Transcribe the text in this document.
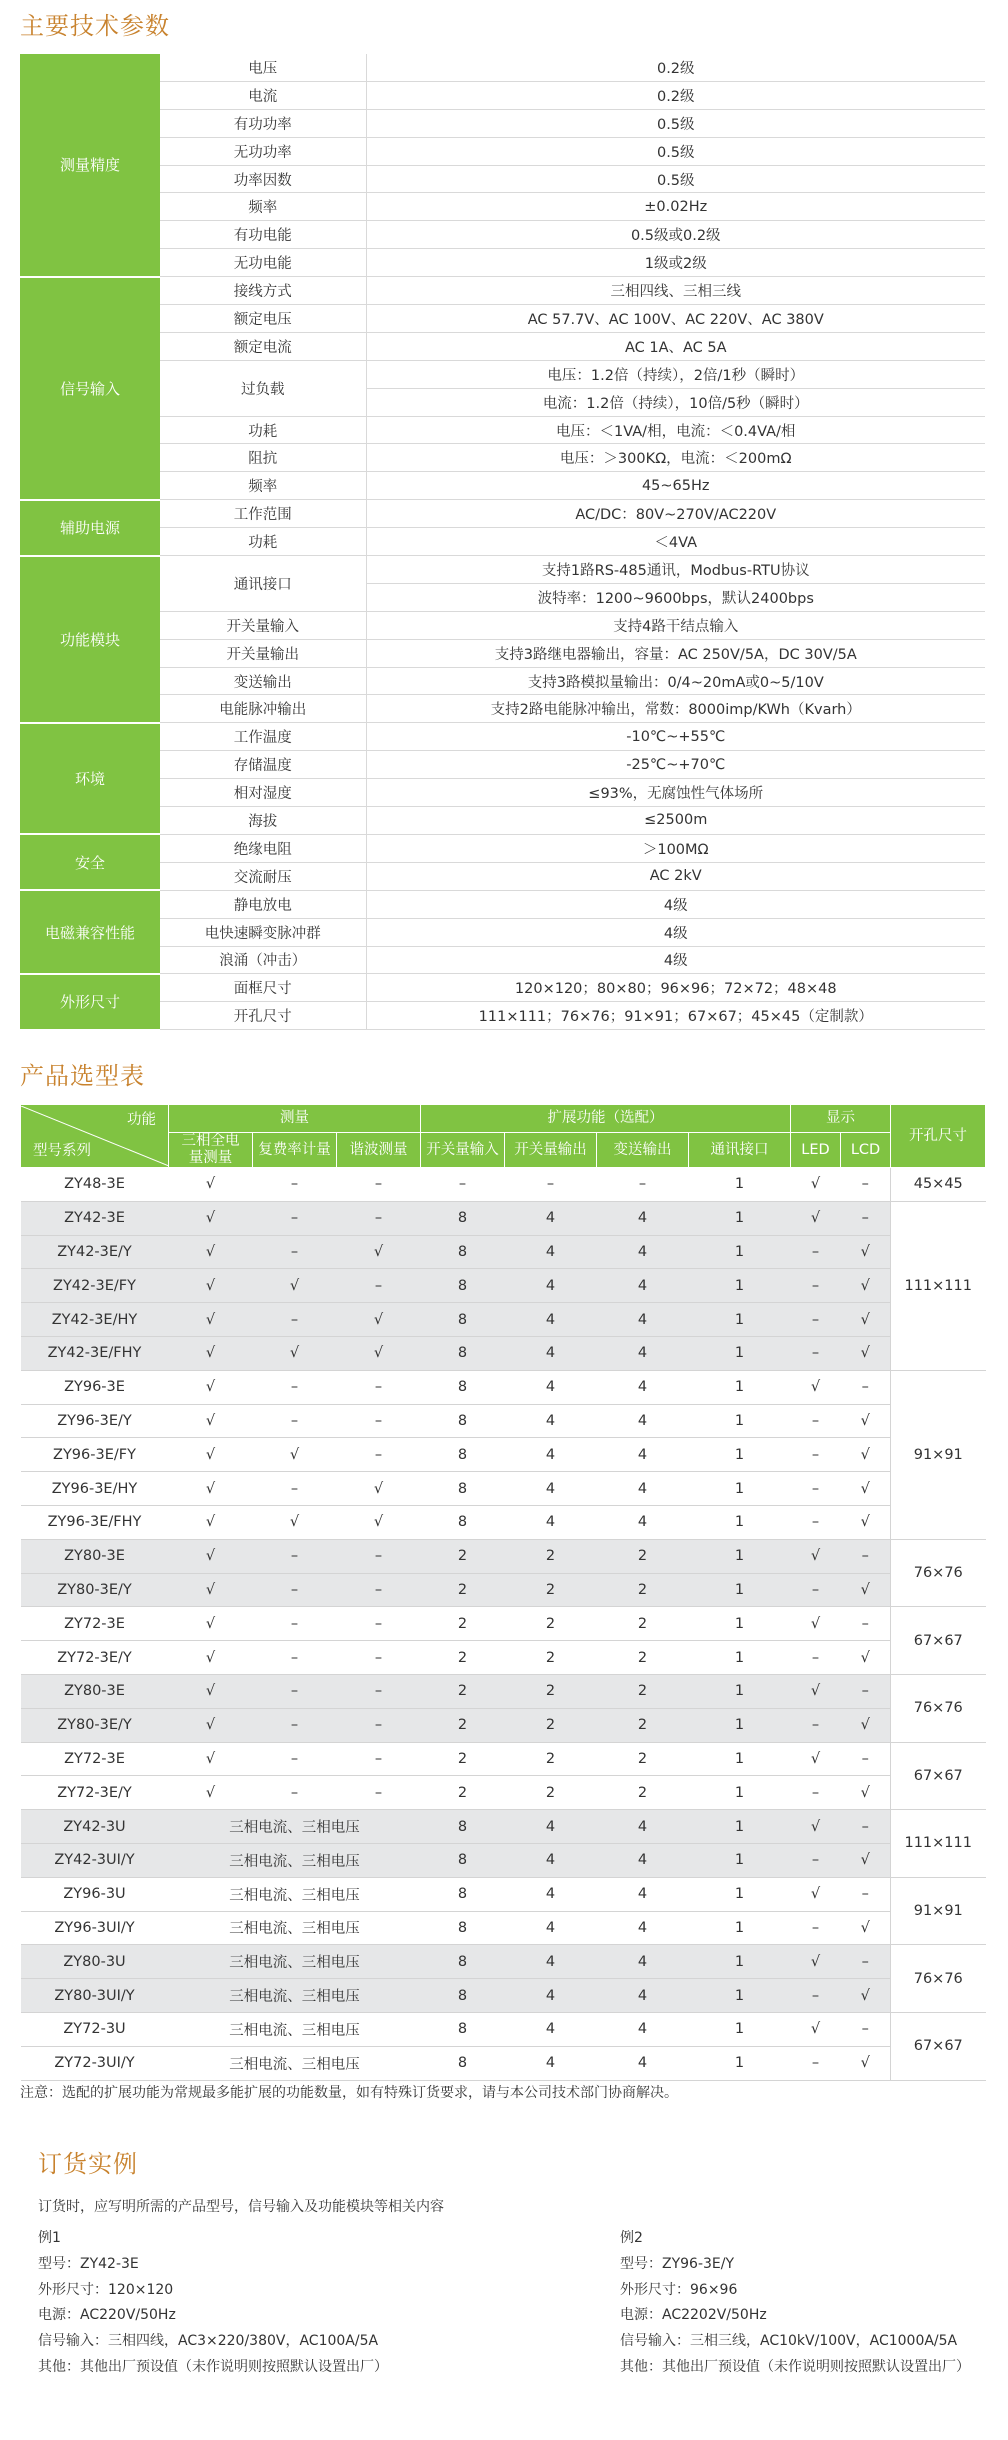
主要技术参数
测量精度	电压	0.2级
	电流	0.2级
	有功功率	0.5级
	无功功率	0.5级
	功率因数	0.5级
	频率	±0.02Hz
	有功电能	0.5级或0.2级
	无功电能	1级或2级
信号输入	接线方式	三相四线、三相三线
	额定电压	AC 57.7V、AC 100V、AC 220V、AC 380V
	额定电流	AC 1A、AC 5A
	过负载	电压：1.2倍（持续），2倍/1秒（瞬时）
		电流：1.2倍（持续），10倍/5秒（瞬时）
	功耗	电压：＜1VA/相，电流：＜0.4VA/相
	阻抗	电压：＞300KΩ，电流：＜200mΩ
	频率	45~65Hz
辅助电源	工作范围	AC/DC：80V~270V/AC220V
	功耗	＜4VA
功能模块	通讯接口	支持1路RS-485通讯，Modbus-RTU协议
		波特率：1200~9600bps，默认2400bps
	开关量输入	支持4路干结点输入
	开关量输出	支持3路继电器输出，容量：AC 250V/5A，DC 30V/5A
	变送输出	支持3路模拟量输出：0/4~20mA或0~5/10V
	电能脉冲输出	支持2路电能脉冲输出，常数：8000imp/KWh（Kvarh）
环境	工作温度	-10℃~+55℃
	存储温度	-25℃~+70℃
	相对湿度	≤93%，无腐蚀性气体场所
	海拔	≤2500m
安全	绝缘电阻	＞100MΩ
	交流耐压	AC 2kV
电磁兼容性能	静电放电	4级
	电快速瞬变脉冲群	4级
	浪涌（冲击）	4级
外形尺寸	面框尺寸	120×120；80×80；96×96；72×72；48×48
	开孔尺寸	111×111；76×76；91×91；67×67；45×45（定制款）
产品选型表
功能
型号系列	测量			扩展功能（选配）				显示		开孔尺寸
	三相全电量测量	复费率计量	谐波测量	开关量输入	开关量输出	变送输出	通讯接口	LED	LCD	
ZY48-3E	√	–	–	–	–	–	1	√	–	45×45
ZY42-3E	√	–	–	8	4	4	1	√	–	111×111
ZY42-3E/Y	√	–	√	8	4	4	1	–	√	
ZY42-3E/FY	√	√	–	8	4	4	1	–	√	
ZY42-3E/HY	√	–	√	8	4	4	1	–	√	
ZY42-3E/FHY	√	√	√	8	4	4	1	–	√	
ZY96-3E	√	–	–	8	4	4	1	√	–	91×91
ZY96-3E/Y	√	–	–	8	4	4	1	–	√	
ZY96-3E/FY	√	√	–	8	4	4	1	–	√	
ZY96-3E/HY	√	–	√	8	4	4	1	–	√	
ZY96-3E/FHY	√	√	√	8	4	4	1	–	√	
ZY80-3E	√	–	–	2	2	2	1	√	–	76×76
ZY80-3E/Y	√	–	–	2	2	2	1	–	√	
ZY72-3E	√	–	–	2	2	2	1	√	–	67×67
ZY72-3E/Y	√	–	–	2	2	2	1	–	√	
ZY80-3E	√	–	–	2	2	2	1	√	–	76×76
ZY80-3E/Y	√	–	–	2	2	2	1	–	√	
ZY72-3E	√	–	–	2	2	2	1	√	–	67×67
ZY72-3E/Y	√	–	–	2	2	2	1	–	√	
ZY42-3U	三相电流、三相电压			8	4	4	1	√	–	111×111
ZY42-3UI/Y	三相电流、三相电压			8	4	4	1	–	√	
ZY96-3U	三相电流、三相电压			8	4	4	1	√	–	91×91
ZY96-3UI/Y	三相电流、三相电压			8	4	4	1	–	√	
ZY80-3U	三相电流、三相电压			8	4	4	1	√	–	76×76
ZY80-3UI/Y	三相电流、三相电压			8	4	4	1	–	√	
ZY72-3U	三相电流、三相电压			8	4	4	1	√	–	67×67
ZY72-3UI/Y	三相电流、三相电压			8	4	4	1	–	√	
注意：选配的扩展功能为常规最多能扩展的功能数量，如有特殊订货要求，请与本公司技术部门协商解决。
订货实例
订货时，应写明所需的产品型号，信号输入及功能模块等相关内容
例1
型号：ZY42-3E
外形尺寸：120×120
电源：AC220V/50Hz
信号输入：三相四线，AC3×220/380V，AC100A/5A
其他：其他出厂预设值（未作说明则按照默认设置出厂）
例2
型号：ZY96-3E/Y
外形尺寸：96×96
电源：AC2202V/50Hz
信号输入：三相三线，AC10kV/100V，AC1000A/5A
其他：其他出厂预设值（未作说明则按照默认设置出厂）
